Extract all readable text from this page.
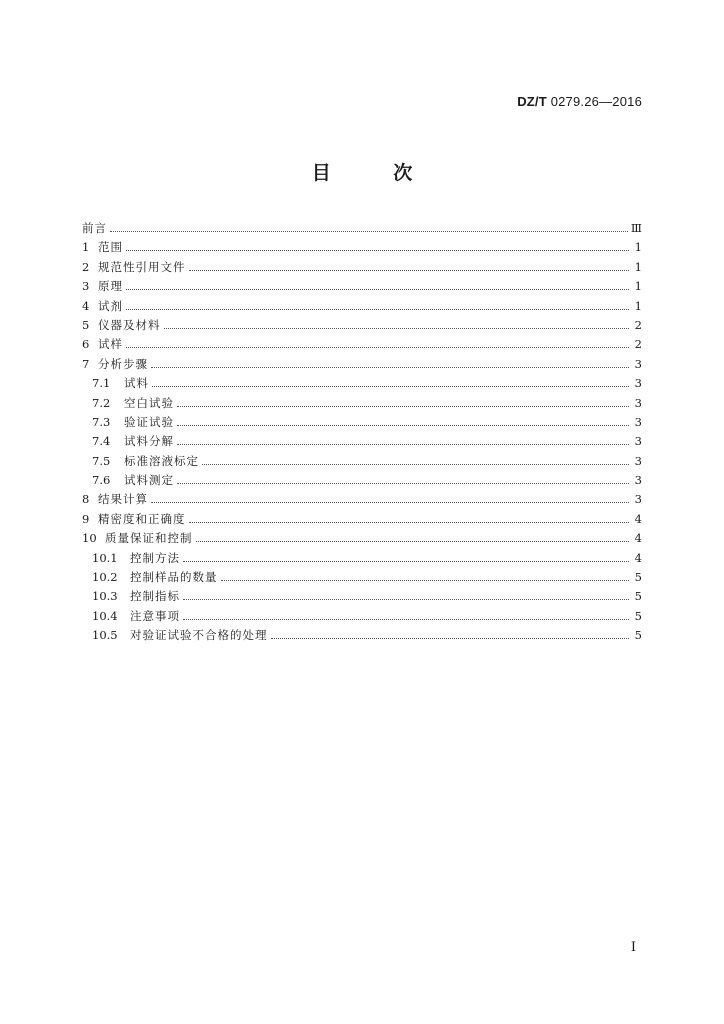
DZ/T 0279.26—2016
目 次
前言	Ⅲ
1 范围	1
2 规范性引用文件	1
3 原理	1
4 试剂	1
5 仪器及材料	2
6 试样	2
7 分析步骤	3
7.1	试料	3
7.2	空白试验	3
7.3	验证试验	3
7.4	试料分解	3
7.5	标准溶液标定	3
7.6	试料测定	3
8 结果计算	3
9 精密度和正确度	4
10 质量保证和控制	4
10.1	控制方法	4
10.2	控制样品的数量	5
10.3	控制指标	5
10.4	注意事项	5
10.5	对验证试验不合格的处理	5
I
